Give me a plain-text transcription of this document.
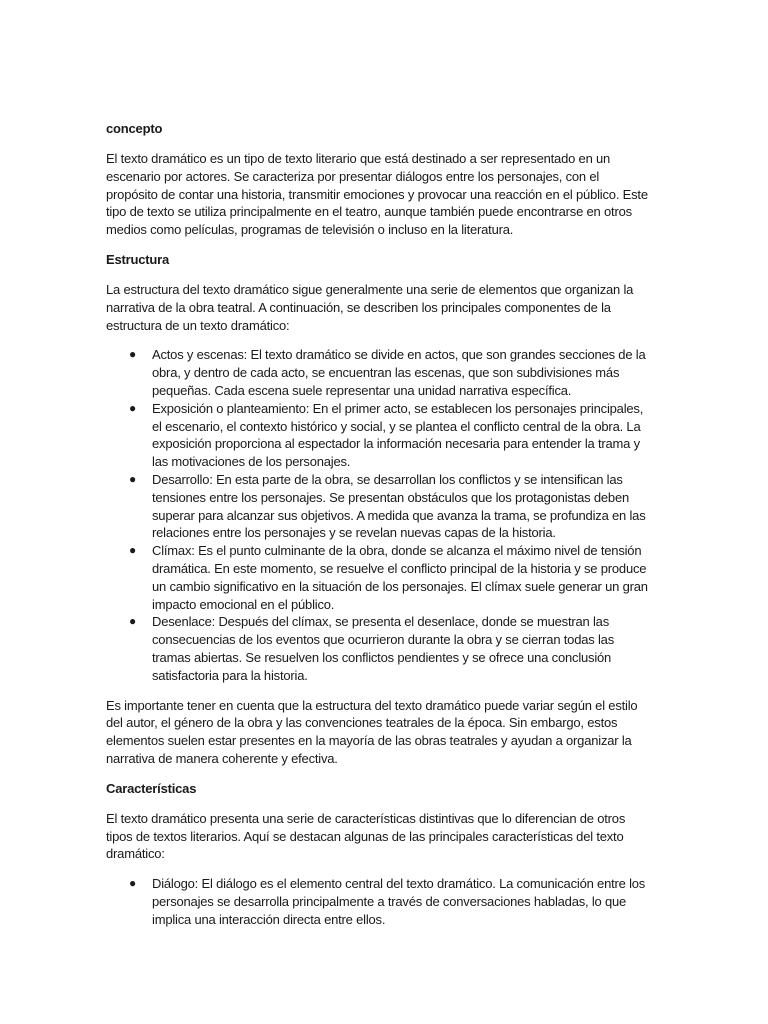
concepto

El texto dramático es un tipo de texto literario que está destinado a ser representado en un escenario por actores. Se caracteriza por presentar diálogos entre los personajes, con el propósito de contar una historia, transmitir emociones y provocar una reacción en el público. Este tipo de texto se utiliza principalmente en el teatro, aunque también puede encontrarse en otros medios como películas, programas de televisión o incluso en la literatura.

Estructura

La estructura del texto dramático sigue generalmente una serie de elementos que organizan la narrativa de la obra teatral. A continuación, se describen los principales componentes de la estructura de un texto dramático:

● Actos y escenas: El texto dramático se divide en actos, que son grandes secciones de la obra, y dentro de cada acto, se encuentran las escenas, que son subdivisiones más pequeñas. Cada escena suele representar una unidad narrativa específica.
● Exposición o planteamiento: En el primer acto, se establecen los personajes principales, el escenario, el contexto histórico y social, y se plantea el conflicto central de la obra. La exposición proporciona al espectador la información necesaria para entender la trama y las motivaciones de los personajes.
● Desarrollo: En esta parte de la obra, se desarrollan los conflictos y se intensifican las tensiones entre los personajes. Se presentan obstáculos que los protagonistas deben superar para alcanzar sus objetivos. A medida que avanza la trama, se profundiza en las relaciones entre los personajes y se revelan nuevas capas de la historia.
● Clímax: Es el punto culminante de la obra, donde se alcanza el máximo nivel de tensión dramática. En este momento, se resuelve el conflicto principal de la historia y se produce un cambio significativo en la situación de los personajes. El clímax suele generar un gran impacto emocional en el público.
● Desenlace: Después del clímax, se presenta el desenlace, donde se muestran las consecuencias de los eventos que ocurrieron durante la obra y se cierran todas las tramas abiertas. Se resuelven los conflictos pendientes y se ofrece una conclusión satisfactoria para la historia.

Es importante tener en cuenta que la estructura del texto dramático puede variar según el estilo del autor, el género de la obra y las convenciones teatrales de la época. Sin embargo, estos elementos suelen estar presentes en la mayoría de las obras teatrales y ayudan a organizar la narrativa de manera coherente y efectiva.

Características

El texto dramático presenta una serie de características distintivas que lo diferencian de otros tipos de textos literarios. Aquí se destacan algunas de las principales características del texto dramático:

● Diálogo: El diálogo es el elemento central del texto dramático. La comunicación entre los personajes se desarrolla principalmente a través de conversaciones habladas, lo que implica una interacción directa entre ellos.
